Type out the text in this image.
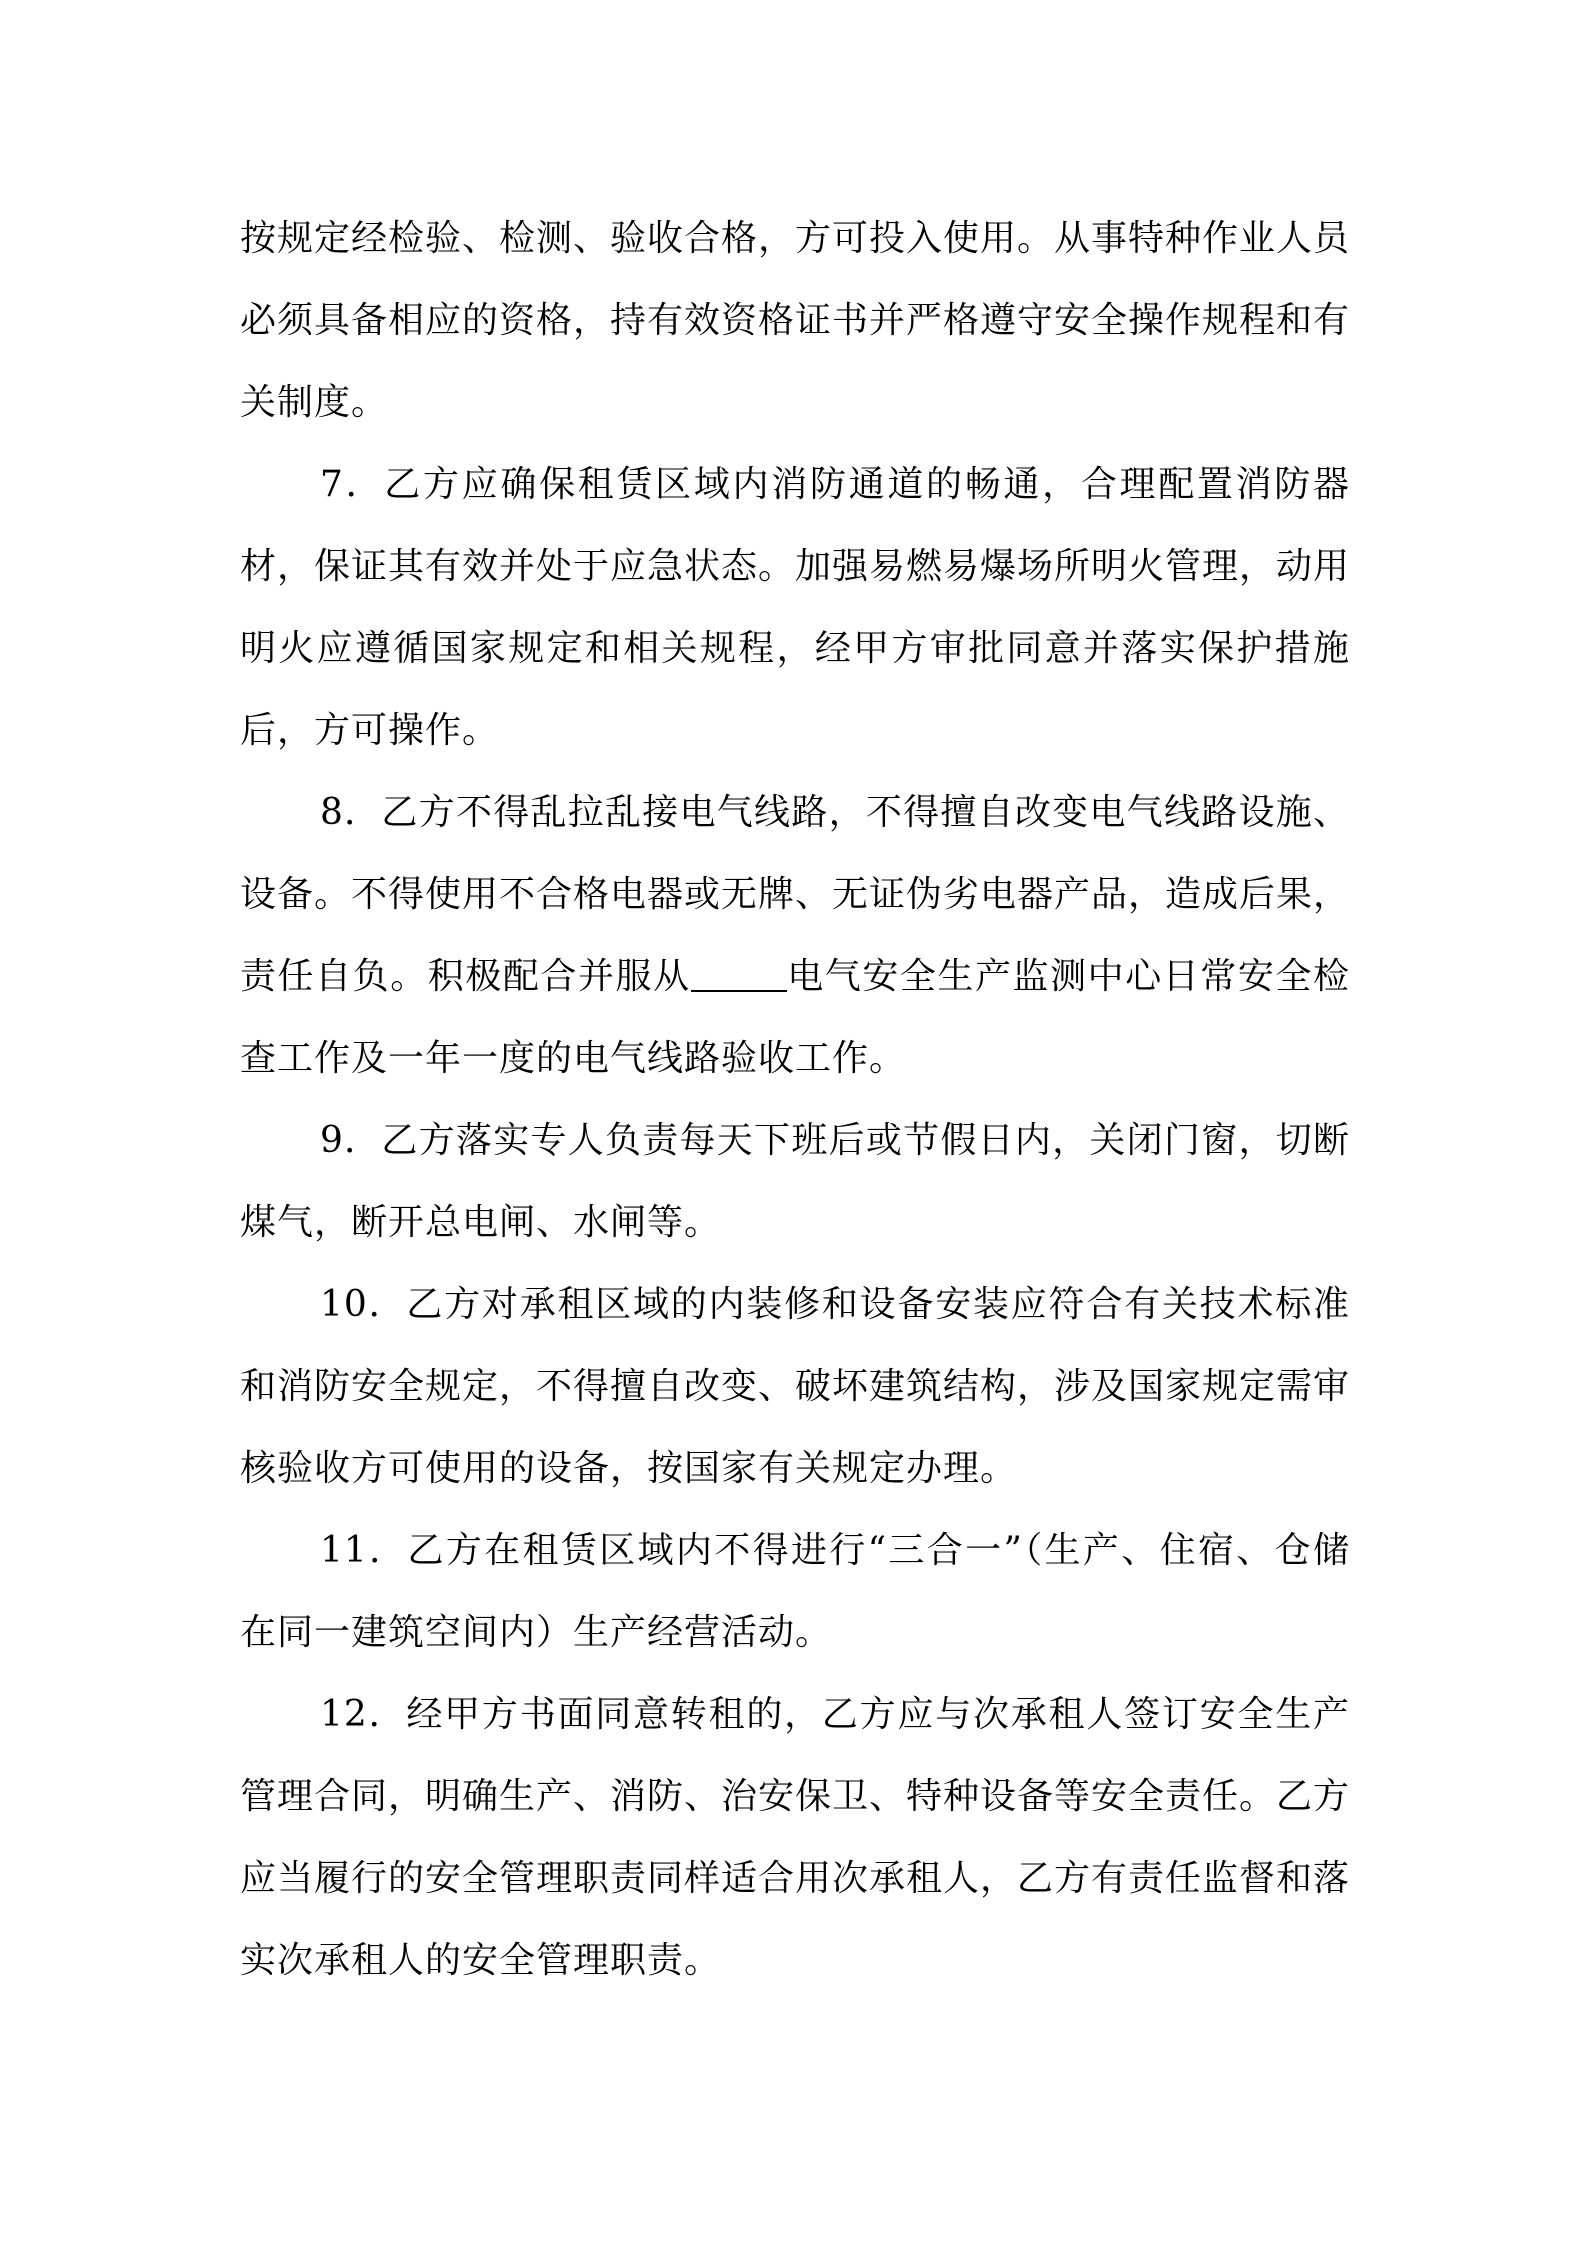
按规定经检验、检测、验收合格，方可投入使用。从事特种作业人员必须具备相应的资格，持有效资格证书并严格遵守安全操作规程和有关制度。

7．乙方应确保租赁区域内消防通道的畅通，合理配置消防器材，保证其有效并处于应急状态。加强易燃易爆场所明火管理，动用明火应遵循国家规定和相关规程，经甲方审批同意并落实保护措施后，方可操作。

8．乙方不得乱拉乱接电气线路，不得擅自改变电气线路设施、设备。不得使用不合格电器或无牌、无证伪劣电器产品，造成后果，责任自负。积极配合并服从	电气安全生产监测中心日常安全检查工作及一年一度的电气线路验收工作。

9．乙方落实专人负责每天下班后或节假日内，关闭门窗，切断煤气，断开总电闸、水闸等。

10．乙方对承租区域的内装修和设备安装应符合有关技术标准和消防安全规定，不得擅自改变、破坏建筑结构，涉及国家规定需审核验收方可使用的设备，按国家有关规定办理。

11．乙方在租赁区域内不得进行“三合一”（生产、住宿、仓储在同一建筑空间内）生产经营活动。

12．经甲方书面同意转租的，乙方应与次承租人签订安全生产管理合同，明确生产、消防、治安保卫、特种设备等安全责任。乙方应当履行的安全管理职责同样适合用次承租人，乙方有责任监督和落实次承租人的安全管理职责。
